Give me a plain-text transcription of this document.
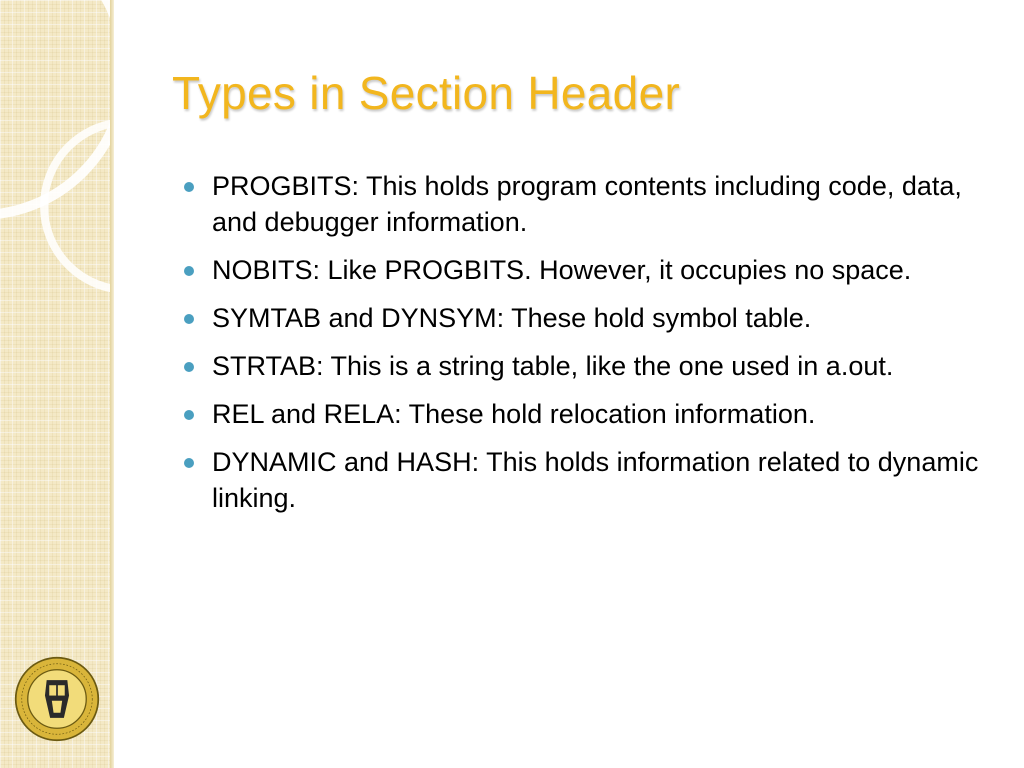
Types in Section Header
PROGBITS: This holds program contents including code, data, and debugger information.
NOBITS: Like PROGBITS. However, it occupies no space.
SYMTAB and DYNSYM: These hold symbol table.
STRTAB: This is a string table, like the one used in a.out.
REL and RELA: These hold relocation information.
DYNAMIC and HASH: This holds information related to dynamic linking.
